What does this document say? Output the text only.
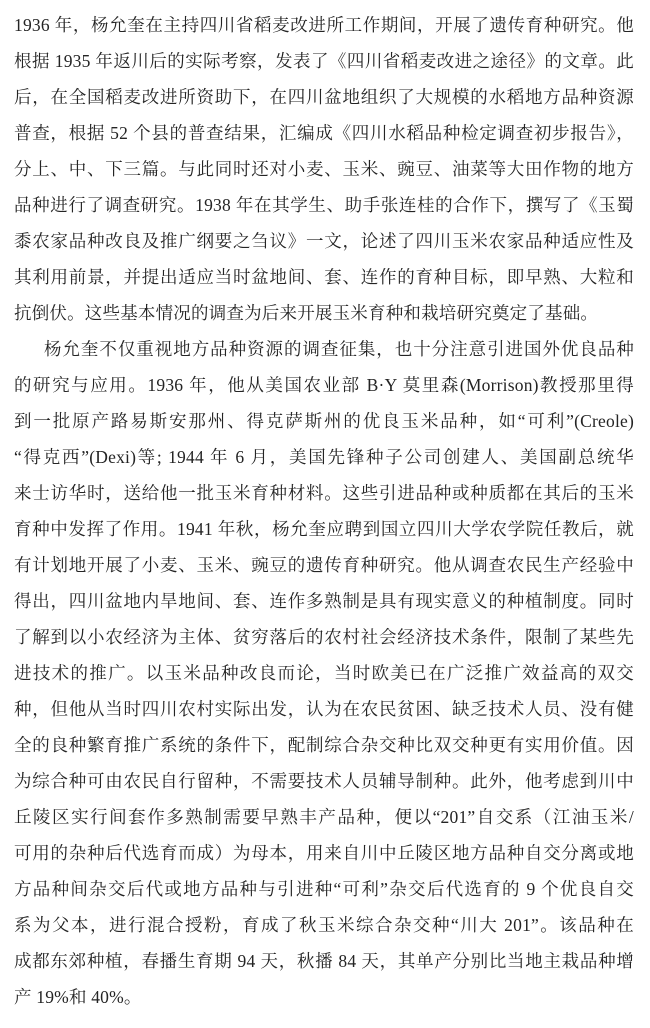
1936 年，杨允奎在主持四川省稻麦改进所工作期间，开展了遗传育种研究。他
根据 1935 年返川后的实际考察，发表了《四川省稻麦改进之途径》的文章。此
后，在全国稻麦改进所资助下，在四川盆地组织了大规模的水稻地方品种资源
普查，根据 52 个县的普查结果，汇编成《四川水稻品种检定调查初步报告》，
分上、中、下三篇。与此同时还对小麦、玉米、豌豆、油菜等大田作物的地方
品种进行了调查研究。1938 年在其学生、助手张连桂的合作下，撰写了《玉蜀
黍农家品种改良及推广纲要之刍议》一文，论述了四川玉米农家品种适应性及
其利用前景，并提出适应当时盆地间、套、连作的育种目标，即早熟、大粒和
抗倒伏。这些基本情况的调查为后来开展玉米育种和栽培研究奠定了基础。
杨允奎不仅重视地方品种资源的调查征集，也十分注意引进国外优良品种
的研究与应用。1936 年，他从美国农业部 B·Y 莫里森(Morrison)教授那里得
到一批原产路易斯安那州、得克萨斯州的优良玉米品种，如“可利”(Creole)
“得克西”(Dexi)等; 1944 年 6 月，美国先锋种子公司创建人、美国副总统华
来士访华时，送给他一批玉米育种材料。这些引进品种或种质都在其后的玉米
育种中发挥了作用。1941 年秋，杨允奎应聘到国立四川大学农学院任教后，就
有计划地开展了小麦、玉米、豌豆的遗传育种研究。他从调查农民生产经验中
得出，四川盆地内旱地间、套、连作多熟制是具有现实意义的种植制度。同时
了解到以小农经济为主体、贫穷落后的农村社会经济技术条件，限制了某些先
进技术的推广。以玉米品种改良而论，当时欧美已在广泛推广效益高的双交
种，但他从当时四川农村实际出发，认为在农民贫困、缺乏技术人员、没有健
全的良种繁育推广系统的条件下，配制综合杂交种比双交种更有实用价值。因
为综合种可由农民自行留种，不需要技术人员辅导制种。此外，他考虑到川中
丘陵区实行间套作多熟制需要早熟丰产品种，便以“201”自交系（江油玉米/
可用的杂种后代选育而成）为母本，用来自川中丘陵区地方品种自交分离或地
方品种间杂交后代或地方品种与引进种“可利”杂交后代选育的 9 个优良自交
系为父本，进行混合授粉，育成了秋玉米综合杂交种“川大 201”。该品种在
成都东郊种植，春播生育期 94 天，秋播 84 天，其单产分别比当地主栽品种增
产 19%和 40%。
